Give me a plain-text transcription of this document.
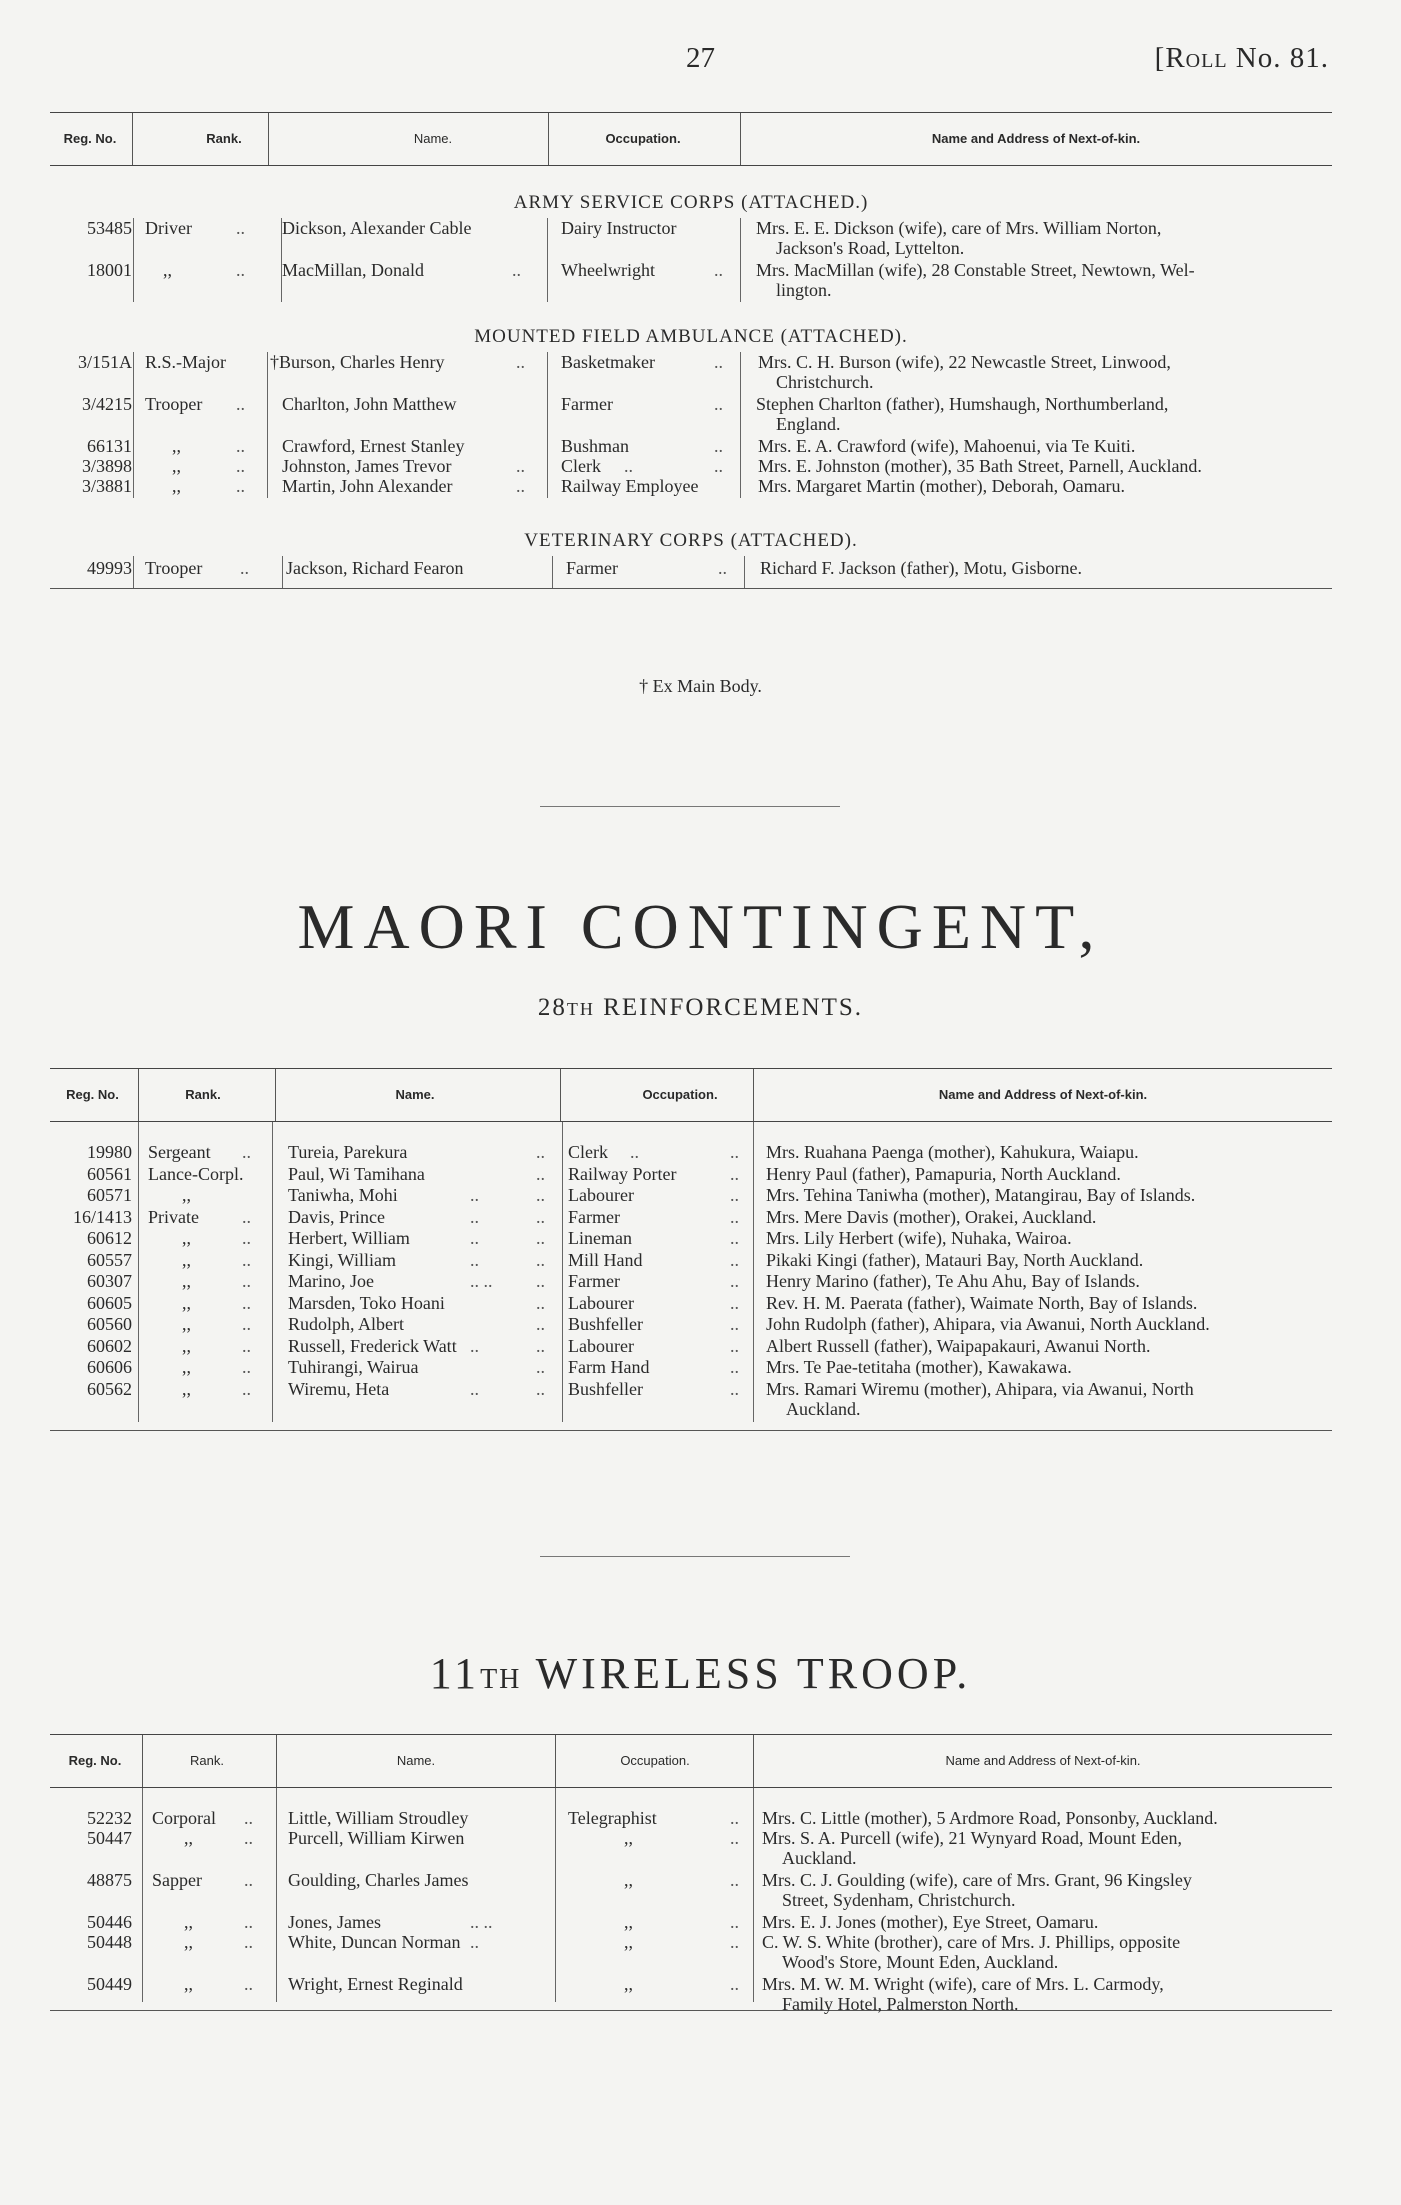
27	[Roll No. 81.
Reg. No.	Rank.	Name.	Occupation.	Name and Address of Next-of-kin.
ARMY SERVICE CORPS (ATTACHED.)
53485 Driver .. Dickson, Alexander Cable	Dairy Instructor	Mrs. E. E. Dickson (wife), care of Mrs. William Norton,
Jackson's Road, Lyttelton.
18001 ,,	.. MacMillan, Donald	.. Wheelwright	.. Mrs. MacMillan (wife), 28 Constable Street, Newtown, Wel-
lington.
MOUNTED FIELD AMBULANCE (ATTACHED).
3/151A R.S.-Major †Burson, Charles Henry	.. Basketmaker	.. Mrs. C. H. Burson (wife), 22 Newcastle Street, Linwood,
Christchurch.
3/4215 Trooper .. Charlton, John Matthew	Farmer	.. Stephen Charlton (father), Humshaugh, Northumberland,
England.
66131 ,,	.. Crawford, Ernest Stanley	Bushman	.. Mrs. E. A. Crawford (wife), Mahoenui, via Te Kuiti.
3/3898 ,,	.. Johnston, James Trevor	.. Clerk ..	.. Mrs. E. Johnston (mother), 35 Bath Street, Parnell, Auckland.
3/3881 ,,	.. Martin, John Alexander	.. Railway Employee	Mrs. Margaret Martin (mother), Deborah, Oamaru.
VETERINARY CORPS (ATTACHED).
49993 Trooper .. Jackson, Richard Fearon	Farmer	.. Richard F. Jackson (father), Motu, Gisborne.
† Ex Main Body.
MAORI CONTINGENT,
28TH REINFORCEMENTS.
Reg. No.	Rank.	Name.	Occupation.	Name and Address of Next-of-kin.
19980 Sergeant .. Tureia, Parekura	.. Clerk ..	.. Mrs. Ruahana Paenga (mother), Kahukura, Waiapu.
60561 Lance-Corpl. Paul, Wi Tamihana	.. Railway Porter	.. Henry Paul (father), Pamapuria, North Auckland.
60571	,,	Taniwha, Mohi	..	.. Labourer	.. Mrs. Tehina Taniwha (mother), Matangirau, Bay of Islands.
16/1413 Private .. Davis, Prince	..	.. Farmer	.. Mrs. Mere Davis (mother), Orakei, Auckland.
60612	,,	.. Herbert, William	..	.. Lineman	.. Mrs. Lily Herbert (wife), Nuhaka, Wairoa.
60557	,,	.. Kingi, William	..	.. Mill Hand	.. Pikaki Kingi (father), Matauri Bay, North Auckland.
60307	,,	.. Marino, Joe	.. .. .. Farmer	.. Henry Marino (father), Te Ahu Ahu, Bay of Islands.
60605	,,	.. Marsden, Toko Hoani	.. Labourer	.. Rev. H. M. Paerata (father), Waimate North, Bay of Islands.
60560	,,	.. Rudolph, Albert	.. Bushfeller	.. John Rudolph (father), Ahipara, via Awanui, North Auckland.
60602	,,	.. Russell, Frederick Watt ..	.. Labourer	.. Albert Russell (father), Waipapakauri, Awanui North.
60606	,,	.. Tuhirangi, Wairua	.. Farm Hand	.. Mrs. Te Pae-tetitaha (mother), Kawakawa.
60562	,,	.. Wiremu, Heta	..	.. Bushfeller	.. Mrs. Ramari Wiremu (mother), Ahipara, via Awanui, North
Auckland.
11TH WIRELESS TROOP.
Reg. No.	Rank.	Name.	Occupation.	Name and Address of Next-of-kin.
52232 Corporal .. Little, William Stroudley	Telegraphist	.. Mrs. C. Little (mother), 5 Ardmore Road, Ponsonby, Auckland.
50447	,,	.. Purcell, William Kirwen	,,	.. Mrs. S. A. Purcell (wife), 21 Wynyard Road, Mount Eden,
Auckland.
48875 Sapper .. Goulding, Charles James	,,	.. Mrs. C. J. Goulding (wife), care of Mrs. Grant, 96 Kingsley
Street, Sydenham, Christchurch.
50446	,,	.. Jones, James	.. ..	,,	.. Mrs. E. J. Jones (mother), Eye Street, Oamaru.
50448	,,	.. White, Duncan Norman ..	,,	.. C. W. S. White (brother), care of Mrs. J. Phillips, opposite
Wood's Store, Mount Eden, Auckland.
50449	,,	.. Wright, Ernest Reginald	,,	.. Mrs. M. W. M. Wright (wife), care of Mrs. L. Carmody,
Family Hotel, Palmerston North.
